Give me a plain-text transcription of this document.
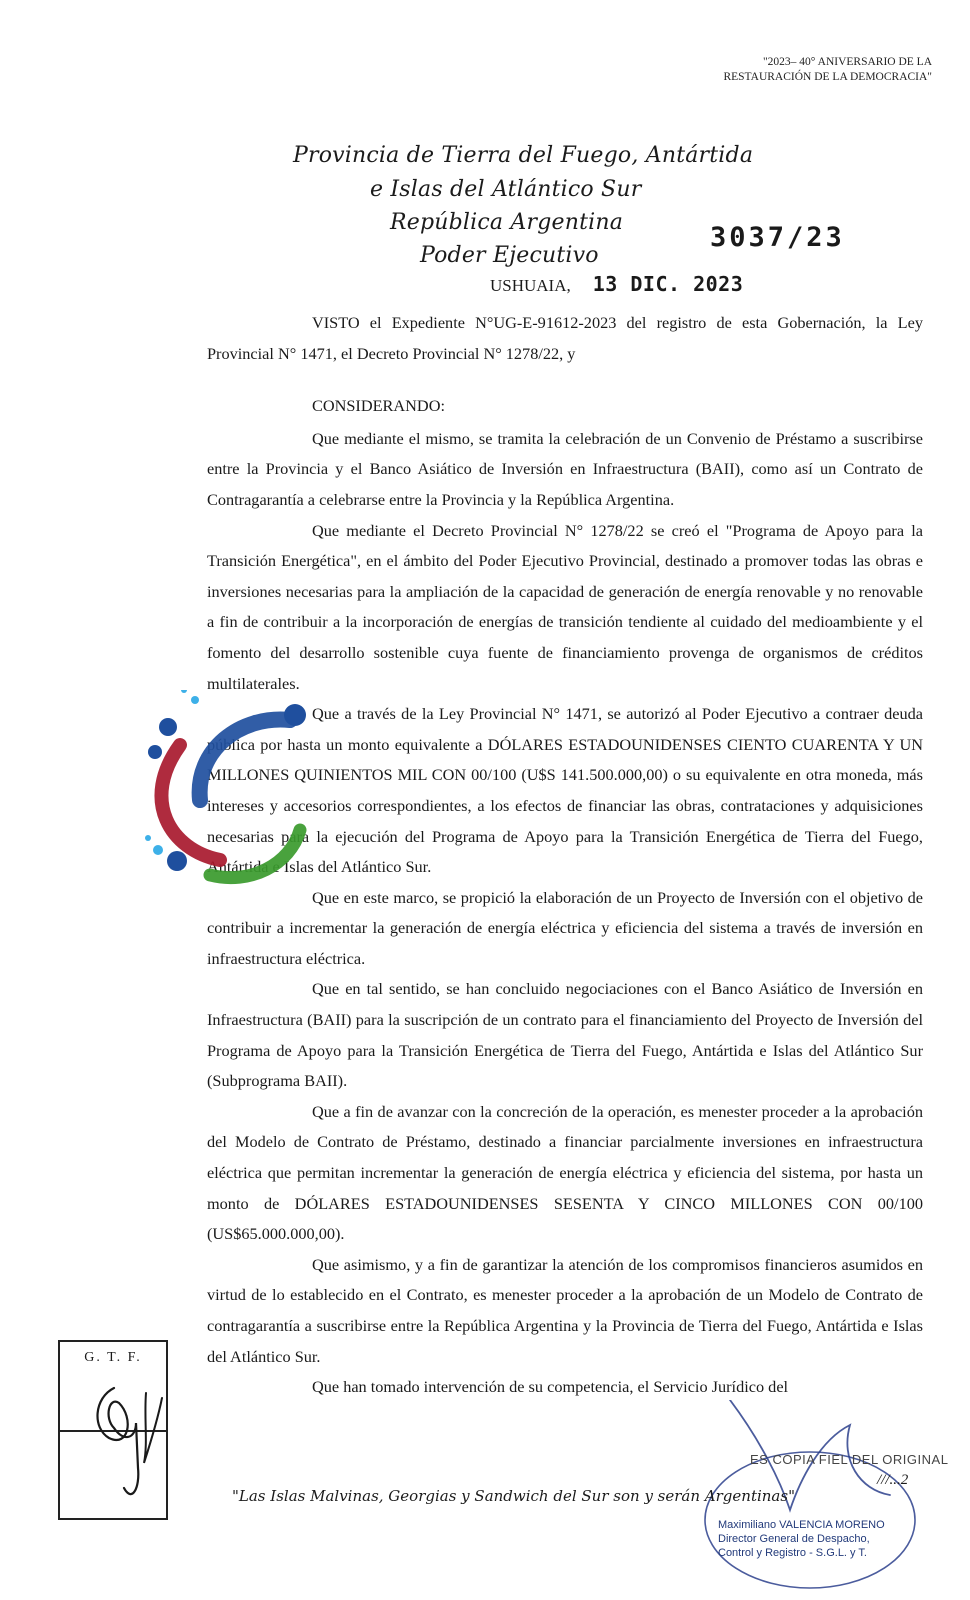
"2023– 40° ANIVERSARIO DE LA
RESTAURACIÓN DE LA DEMOCRACIA"
Provincia de Tierra del Fuego, Antártida
e Islas del Atlántico Sur
República Argentina
Poder Ejecutivo
3037/23
USHUAIA, 13 DIC. 2023

VISTO el Expediente N°UG-E-91612-2023 del registro de esta Gobernación, la Ley Provincial N° 1471, el Decreto Provincial N° 1278/22, y

CONSIDERANDO:

Que mediante el mismo, se tramita la celebración de un Convenio de Préstamo a suscribirse entre la Provincia y el Banco Asiático de Inversión en Infraestructura (BAII), como así un Contrato de Contragarantía a celebrarse entre la Provincia y la República Argentina.

Que mediante el Decreto Provincial N° 1278/22 se creó el "Programa de Apoyo para la Transición Energética", en el ámbito del Poder Ejecutivo Provincial, destinado a promover todas las obras e inversiones necesarias para la ampliación de la capacidad de generación de energía renovable y no renovable a fin de contribuir a la incorporación de energías de transición tendiente al cuidado del medioambiente y el fomento del desarrollo sostenible cuya fuente de financiamiento provenga de organismos de créditos multilaterales.

Que a través de la Ley Provincial N° 1471, se autorizó al Poder Ejecutivo a contraer deuda pública por hasta un monto equivalente a DÓLARES ESTADOUNIDENSES CIENTO CUARENTA Y UN MILLONES QUINIENTOS MIL CON 00/100 (U$S 141.500.000,00) o su equivalente en otra moneda, más intereses y accesorios correspondientes, a los efectos de financiar las obras, contrataciones y adquisiciones necesarias para la ejecución del Programa de Apoyo para la Transición Energética de Tierra del Fuego, Antártida e Islas del Atlántico Sur.

Que en este marco, se propició la elaboración de un Proyecto de Inversión con el objetivo de contribuir a incrementar la generación de energía eléctrica y eficiencia del sistema a través de inversión en infraestructura eléctrica.

Que en tal sentido, se han concluido negociaciones con el Banco Asiático de Inversión en Infraestructura (BAII) para la suscripción de un contrato para el financiamiento del Proyecto de Inversión del Programa de Apoyo para la Transición Energética de Tierra del Fuego, Antártida e Islas del Atlántico Sur (Subprograma BAII).

Que a fin de avanzar con la concreción de la operación, es menester proceder a la aprobación del Modelo de Contrato de Préstamo, destinado a financiar parcialmente inversiones en infraestructura eléctrica que permitan incrementar la generación de energía eléctrica y eficiencia del sistema, por hasta un monto de DÓLARES ESTADOUNIDENSES SESENTA Y CINCO MILLONES CON 00/100 (US$65.000.000,00).

Que asimismo, y a fin de garantizar la atención de los compromisos financieros asumidos en virtud de lo establecido en el Contrato, es menester proceder a la aprobación de un Modelo de Contrato de contragarantía a suscribirse entre la República Argentina y la Provincia de Tierra del Fuego, Antártida e Islas del Atlántico Sur.

Que han tomado intervención de su competencia, el Servicio Jurídico del

G. T. F.
ES COPIA FIEL DEL ORIGINAL
///...2
"Las Islas Malvinas, Georgias y Sandwich del Sur son y serán Argentinas"
Maximiliano VALENCIA MORENO
Director General de Despacho,
Control y Registro - S.G.L. y T.
